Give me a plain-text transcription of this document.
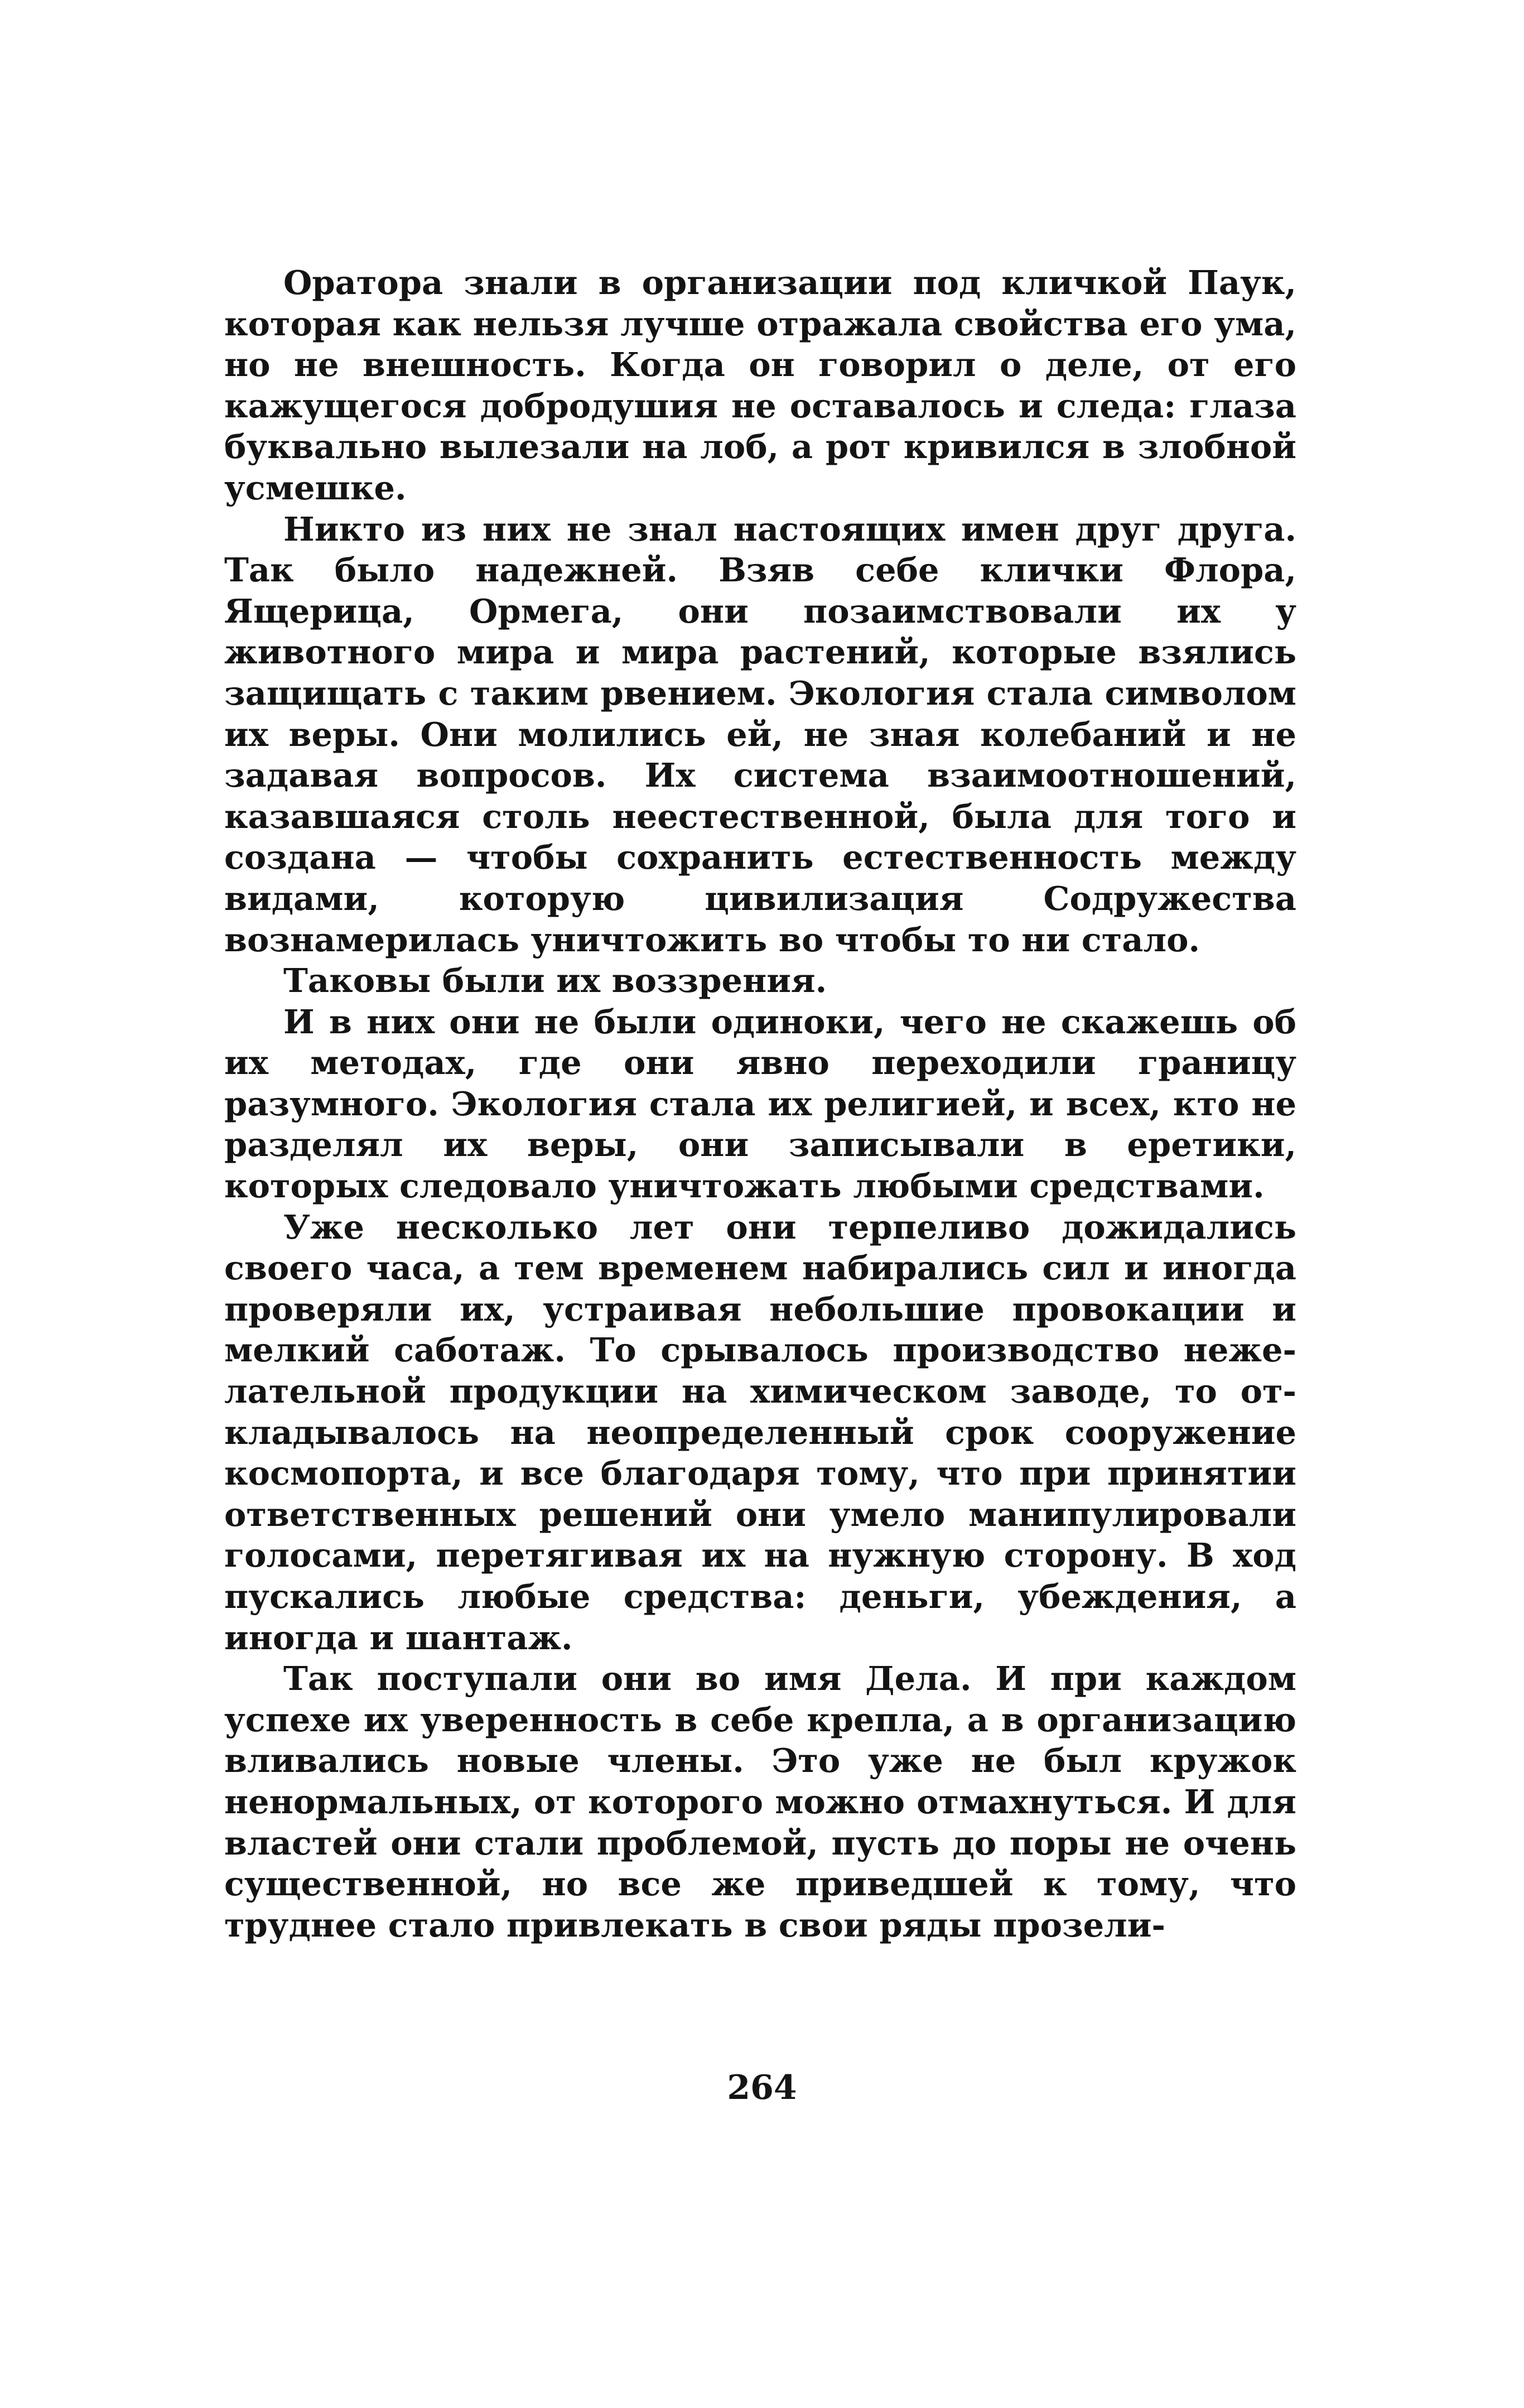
Оратора знали в организации под кличкой Паук, которая как нельзя лучше отражала свойства его ума, но не внешность. Когда он говорил о деле, от его кажущегося добродушия не оставалось и следа: глаза буквально вылезали на лоб, а рот кривился в злобной усмешке.

Никто из них не знал настоящих имен друг друга. Так было надежней. Взяв себе клички Флора, Ящерица, Ормега, они позаимствовали их у животного мира и мира растений, которые взялись защищать с таким рвением. Экология стала символом их веры. Они молились ей, не зная колебаний и не задавая вопросов. Их система взаимоотношений, казавшаяся столь неестественной, была для того и создана — чтобы сохранить естественность между видами, которую цивилизация Содружества вознамерилась уничтожить во чтобы то ни стало.

Таковы были их воззрения.

И в них они не были одиноки, чего не скажешь об их методах, где они явно переходили границу разумного. Экология стала их религией, и всех, кто не разделял их веры, они записывали в еретики, которых следовало уничтожать любыми средствами.

Уже несколько лет они терпеливо дожидались своего часа, а тем временем набирались сил и иногда проверяли их, устраивая небольшие провокации и мелкий саботаж. То срывалось производство нежелательной продукции на химическом заводе, то откладывалось на неопределенный срок сооружение космопорта, и все благодаря тому, что при принятии ответственных решений они умело манипулировали голосами, перетягивая их на нужную сторону. В ход пускались любые средства: деньги, убеждения, а иногда и шантаж.

Так поступали они во имя Дела. И при каждом успехе их уверенность в себе крепла, а в организацию вливались новые члены. Это уже не был кружок ненормальных, от которого можно отмахнуться. И для властей они стали проблемой, пусть до поры не очень существенной, но все же приведшей к тому, что труднее стало привлекать в свои ряды прозели-

264
